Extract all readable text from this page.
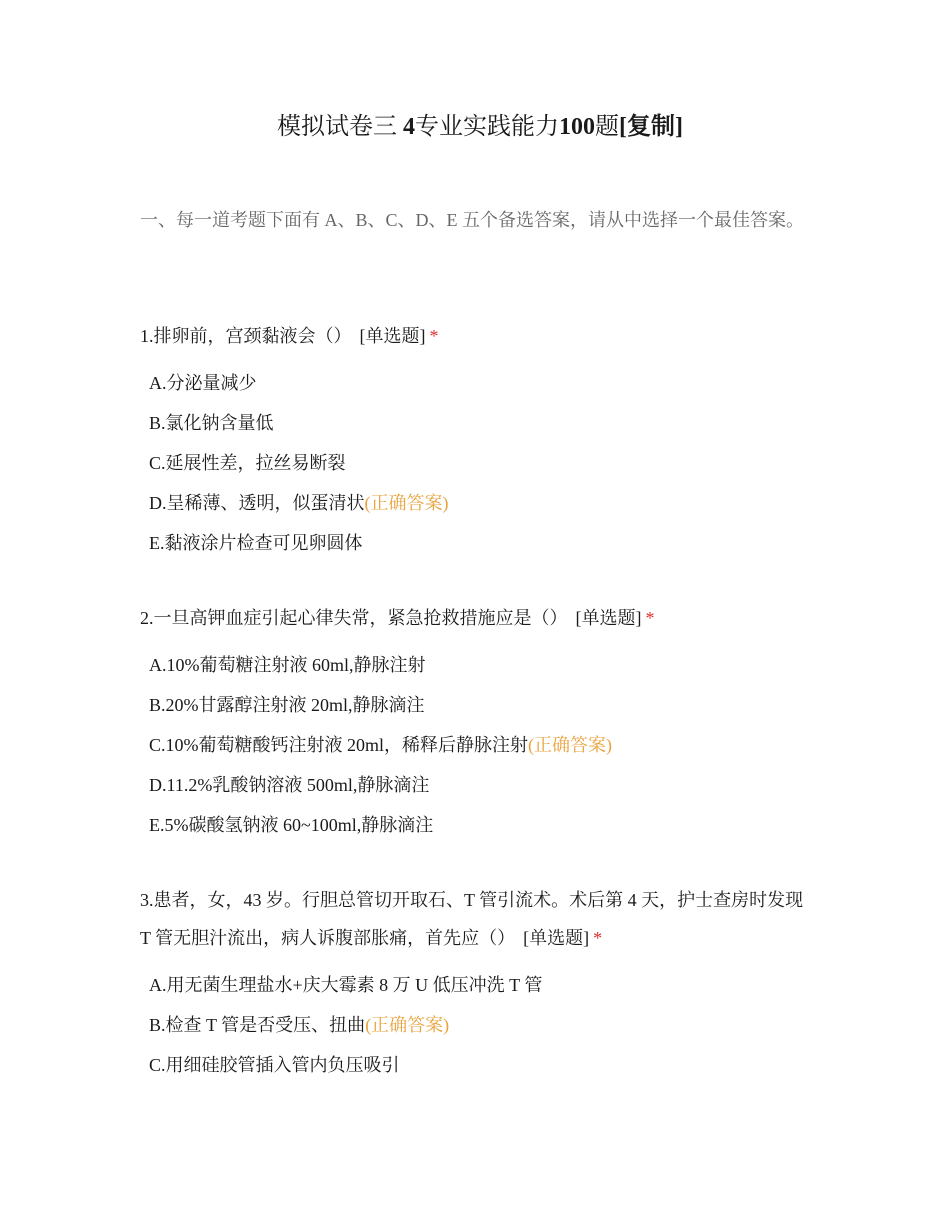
模拟试卷三 4专业实践能力100题[复制]
一、每一道考题下面有 A、B、C、D、E 五个备选答案，请从中选择一个最佳答案。

1.排卵前，宫颈黏液会（） [单选题] *

A.分泌量减少
B.氯化钠含量低
C.延展性差，拉丝易断裂
D.呈稀薄、透明，似蛋清状(正确答案)
E.黏液涂片检查可见卵圆体

2.一旦高钾血症引起心律失常，紧急抢救措施应是（） [单选题] *

A.10%葡萄糖注射液 60ml,静脉注射
B.20%甘露醇注射液 20ml,静脉滴注
C.10%葡萄糖酸钙注射液 20ml，稀释后静脉注射(正确答案)
D.11.2%乳酸钠溶液 500ml,静脉滴注
E.5%碳酸氢钠液 60~100ml,静脉滴注

3.患者，女，43 岁。行胆总管切开取石、T 管引流术。术后第 4 天，护士查房时发现 T 管无胆汁流出，病人诉腹部胀痛，首先应（） [单选题] *

A.用无菌生理盐水+庆大霉素 8 万 U 低压冲洗 T 管
B.检查 T 管是否受压、扭曲(正确答案)
C.用细硅胶管插入管内负压吸引
